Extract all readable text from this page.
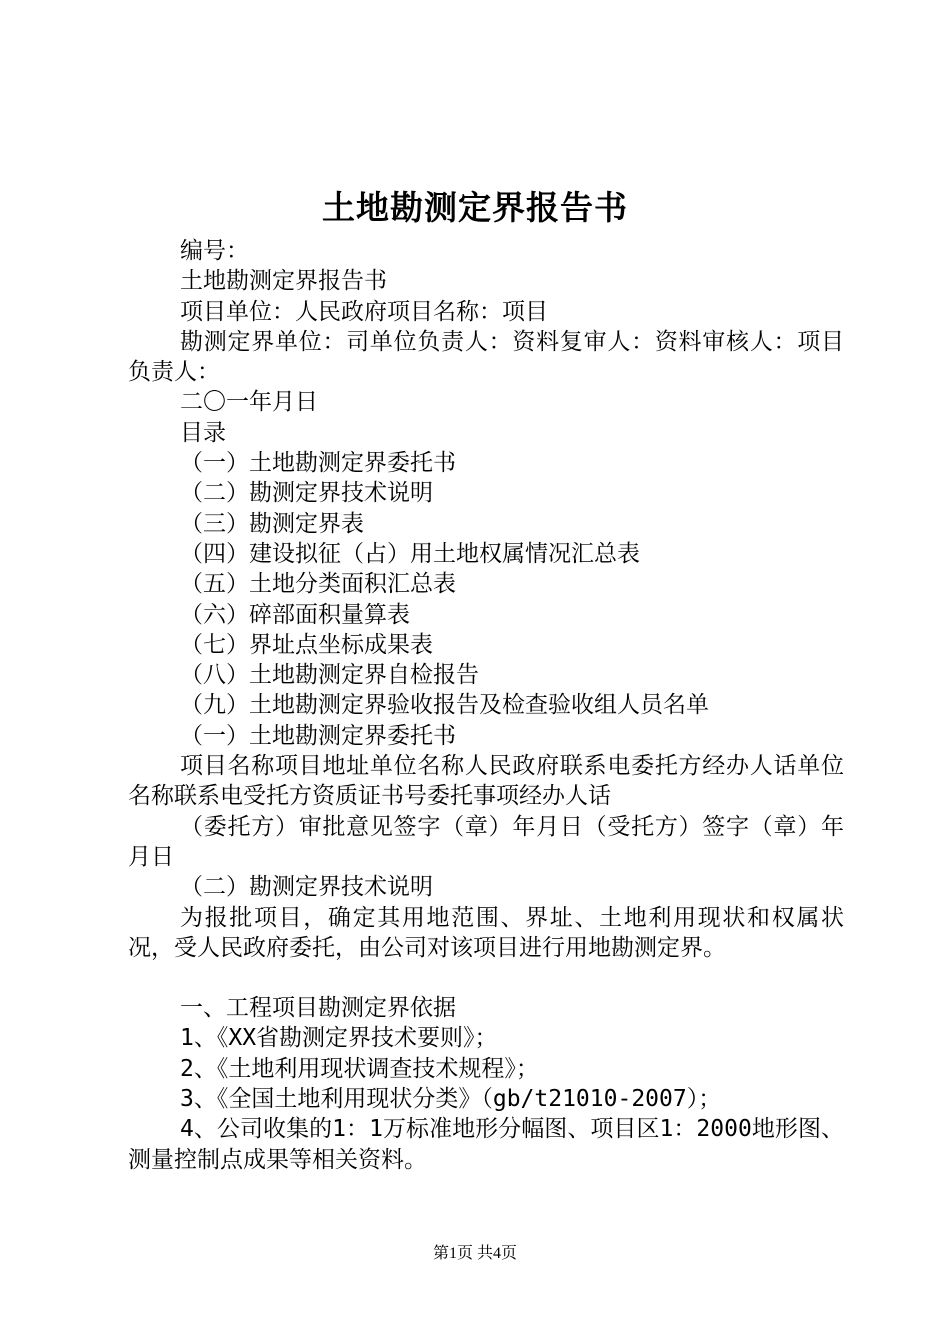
土地勘测定界报告书
编号：
土地勘测定界报告书
项目单位：人民政府项目名称：项目

勘测定界单位：司单位负责人：资料复审人：资料审核人：项目负责人：

二〇一年月日
目录
（一）土地勘测定界委托书
（二）勘测定界技术说明
（三）勘测定界表
（四）建设拟征（占）用土地权属情况汇总表
（五）土地分类面积汇总表
（六）碎部面积量算表
（七）界址点坐标成果表
（八）土地勘测定界自检报告
（九）土地勘测定界验收报告及检查验收组人员名单
（一）土地勘测定界委托书

项目名称项目地址单位名称人民政府联系电委托方经办人话单位名称联系电受托方资质证书号委托事项经办人话

（委托方）审批意见签字（章）年月日（受托方）签字（章）年月日

（二）勘测定界技术说明

为报批项目，确定其用地范围、界址、土地利用现状和权属状况，受人民政府委托，由公司对该项目进行用地勘测定界。

一、工程项目勘测定界依据
1、《XX省勘测定界技术要则》；
2、《土地利用现状调查技术规程》；
3、《全国土地利用现状分类》（gb/t21010-2007）；

4、公司收集的1：1万标准地形分幅图、项目区1：2000地形图、测量控制点成果等相关资料。

第1页 共4页
